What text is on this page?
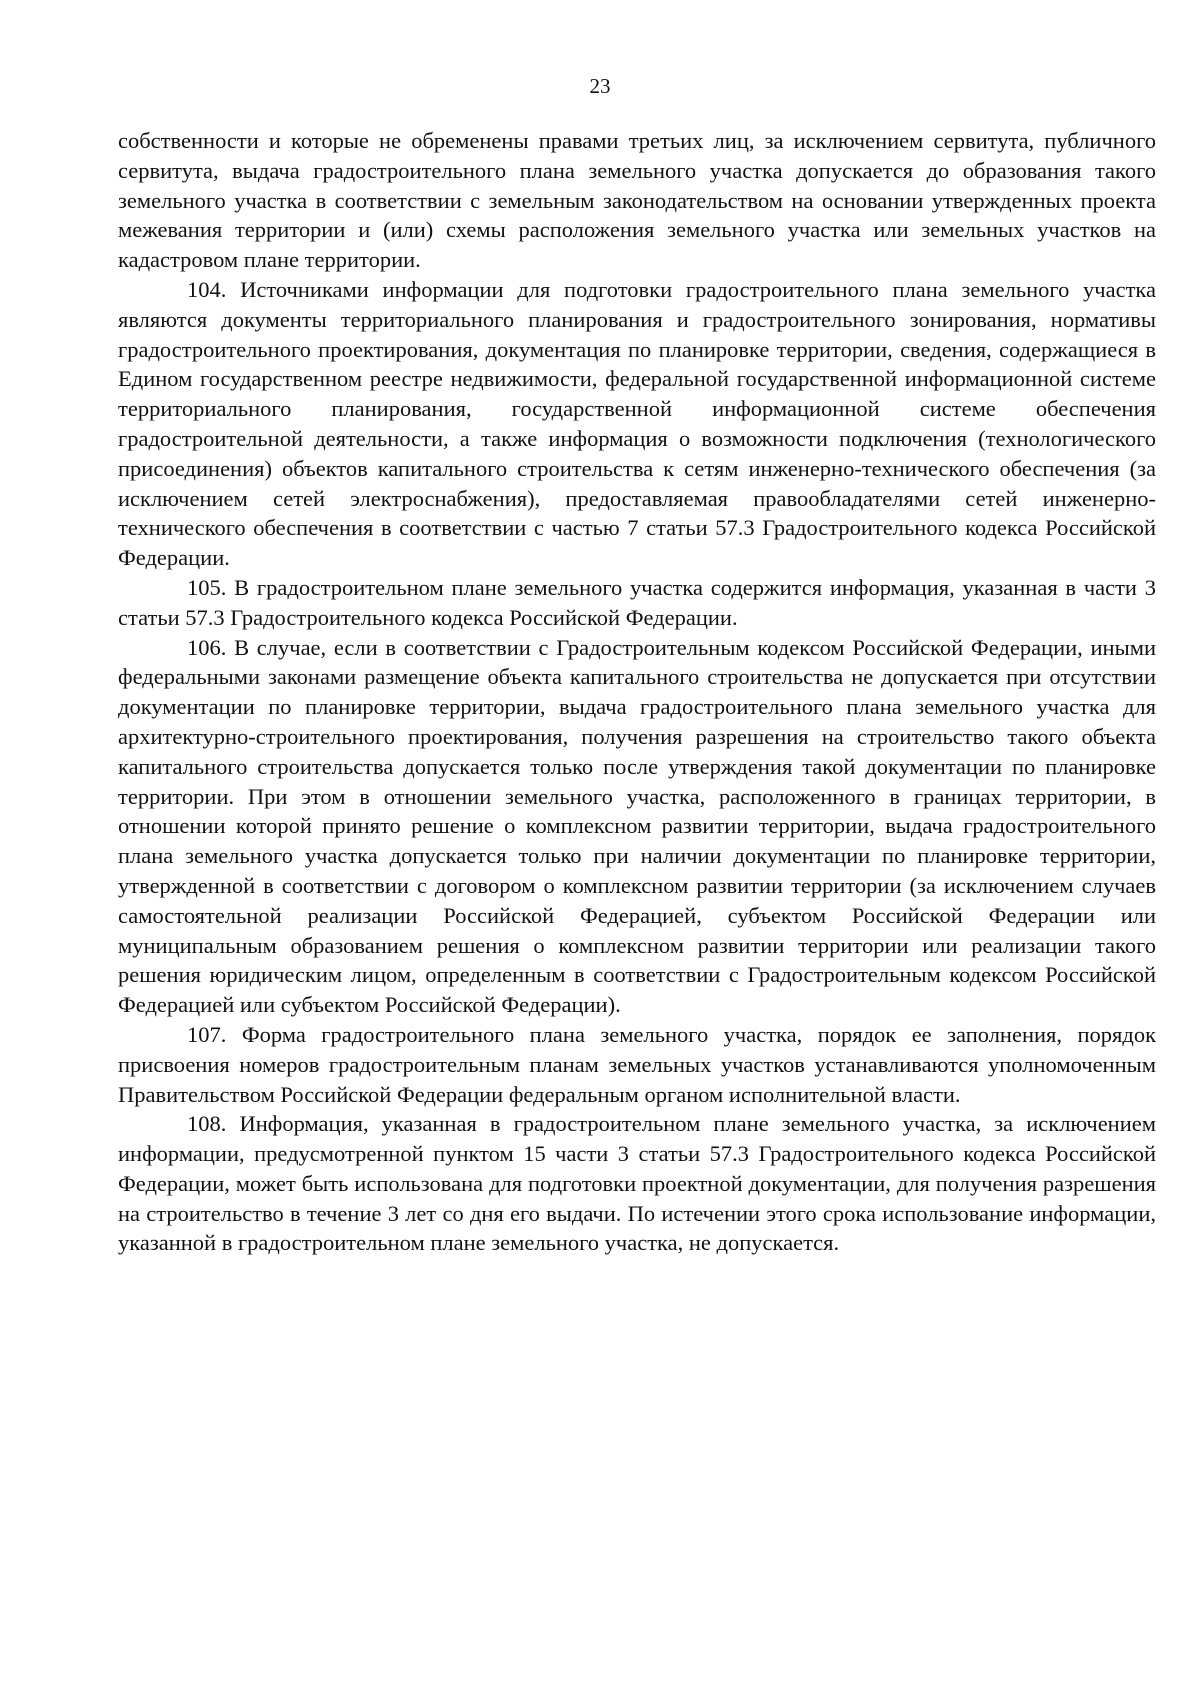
23

собственности и которые не обременены правами третьих лиц, за исключением сервитута, публичного сервитута, выдача градостроительного плана земельного участка допускается до образования такого земельного участка в соответствии с земельным законодательством на основании утвержденных проекта межевания территории и (или) схемы расположения земельного участка или земельных участков на кадастровом плане территории.

104. Источниками информации для подготовки градостроительного плана земельного участка являются документы территориального планирования и градостроительного зонирования, нормативы градостроительного проектирования, документация по планировке территории, сведения, содержащиеся в Едином государственном реестре недвижимости, федеральной государственной информационной системе территориального планирования, государственной информационной системе обеспечения градостроительной деятельности, а также информация о возможности подключения (технологического присоединения) объектов капитального строительства к сетям инженерно-технического обеспечения (за исключением сетей электроснабжения), предоставляемая правообладателями сетей инженерно-технического обеспечения в соответствии с частью 7 статьи 57.3 Градостроительного кодекса Российской Федерации.

105. В градостроительном плане земельного участка содержится информация, указанная в части 3 статьи 57.3 Градостроительного кодекса Российской Федерации.

106. В случае, если в соответствии с Градостроительным кодексом Российской Федерации, иными федеральными законами размещение объекта капитального строительства не допускается при отсутствии документации по планировке территории, выдача градостроительного плана земельного участка для архитектурно-строительного проектирования, получения разрешения на строительство такого объекта капитального строительства допускается только после утверждения такой документации по планировке территории. При этом в отношении земельного участка, расположенного в границах территории, в отношении которой принято решение о комплексном развитии территории, выдача градостроительного плана земельного участка допускается только при наличии документации по планировке территории, утвержденной в соответствии с договором о комплексном развитии территории (за исключением случаев самостоятельной реализации Российской Федерацией, субъектом Российской Федерации или муниципальным образованием решения о комплексном развитии территории или реализации такого решения юридическим лицом, определенным в соответствии с Градостроительным кодексом Российской Федерацией или субъектом Российской Федерации).

107. Форма градостроительного плана земельного участка, порядок ее заполнения, порядок присвоения номеров градостроительным планам земельных участков устанавливаются уполномоченным Правительством Российской Федерации федеральным органом исполнительной власти.

108. Информация, указанная в градостроительном плане земельного участка, за исключением информации, предусмотренной пунктом 15 части 3 статьи 57.3 Градостроительного кодекса Российской Федерации, может быть использована для подготовки проектной документации, для получения разрешения на строительство в течение 3 лет со дня его выдачи. По истечении этого срока использование информации, указанной в градостроительном плане земельного участка, не допускается.
